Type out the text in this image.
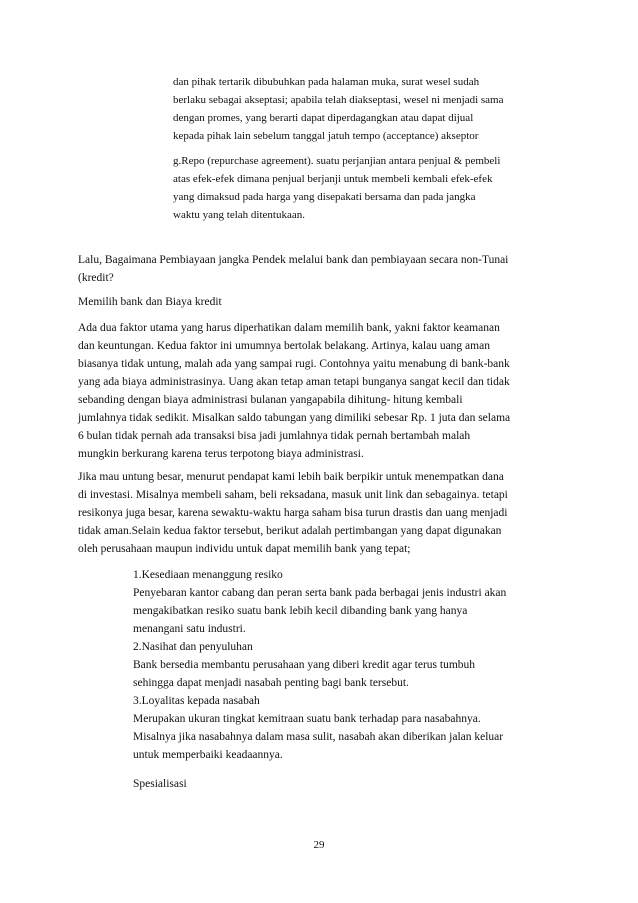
dan pihak tertarik dibubuhkan pada halaman muka, surat wesel sudah
berlaku sebagai akseptasi; apabila telah diakseptasi, wesel ni menjadi sama
dengan promes, yang berarti dapat diperdagangkan atau dapat dijual
kepada pihak lain sebelum tanggal jatuh tempo (acceptance) akseptor
g.Repo (repurchase agreement). suatu perjanjian antara penjual & pembeli
atas efek-efek dimana penjual berjanji untuk membeli kembali efek-efek
yang dimaksud pada harga yang disepakati bersama dan pada jangka
waktu yang telah ditentukaan.
Lalu, Bagaimana Pembiayaan jangka Pendek melalui bank dan pembiayaan secara non-Tunai
(kredit?
Memilih bank dan Biaya kredit
Ada dua faktor utama yang harus diperhatikan dalam memilih bank, yakni faktor keamanan
dan keuntungan. Kedua faktor ini umumnya bertolak belakang. Artinya, kalau uang aman
biasanya tidak untung, malah ada yang sampai rugi. Contohnya yaitu menabung di bank-bank
yang ada biaya administrasinya. Uang akan tetap aman tetapi bunganya sangat kecil dan tidak
sebanding dengan biaya administrasi bulanan yangapabila dihitung- hitung kembali
jumlahnya tidak sedikit. Misalkan saldo tabungan yang dimiliki sebesar Rp. 1 juta dan selama
6 bulan tidak pernah ada transaksi bisa jadi jumlahnya tidak pernah bertambah malah
mungkin berkurang karena terus terpotong biaya administrasi.
Jika mau untung besar, menurut pendapat kami lebih baik berpikir untuk menempatkan dana
di investasi. Misalnya membeli saham, beli reksadana, masuk unit link dan sebagainya. tetapi
resikonya juga besar, karena sewaktu-waktu harga saham bisa turun drastis dan uang menjadi
tidak aman.Selain kedua faktor tersebut, berikut adalah pertimbangan yang dapat digunakan
oleh perusahaan maupun individu untuk dapat memilih bank yang tepat;
1.Kesediaan menanggung resiko
Penyebaran kantor cabang dan peran serta bank pada berbagai jenis industri akan
mengakibatkan resiko suatu bank lebih kecil dibanding bank yang hanya
menangani satu industri.
2.Nasihat dan penyuluhan
Bank bersedia membantu perusahaan yang diberi kredit agar terus tumbuh
sehingga dapat menjadi nasabah penting bagi bank tersebut.
3.Loyalitas kepada nasabah
Merupakan ukuran tingkat kemitraan suatu bank terhadap para nasabahnya.
Misalnya jika nasabahnya dalam masa sulit, nasabah akan diberikan jalan keluar
untuk memperbaiki keadaannya.
Spesialisasi
29
